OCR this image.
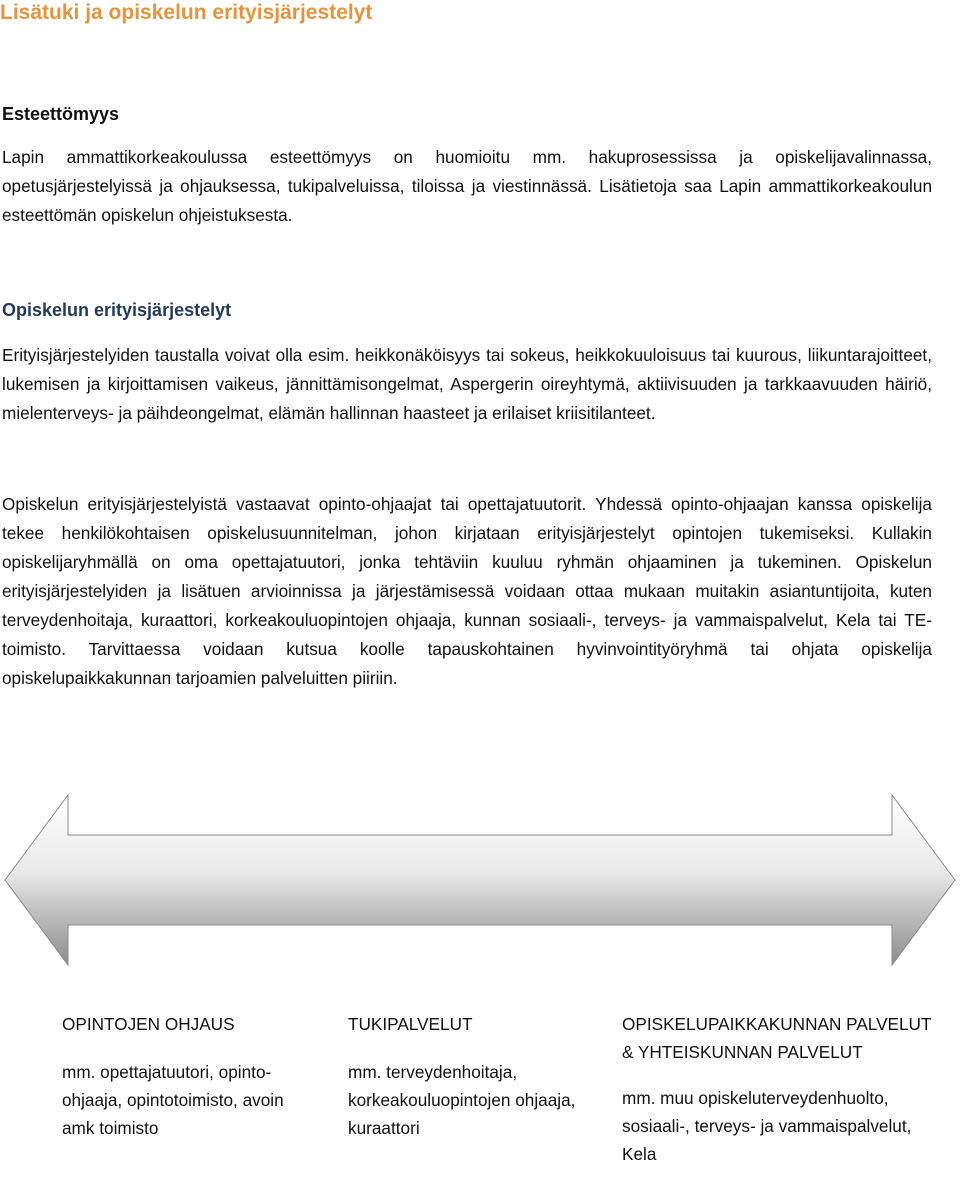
Lisätuki ja opiskelun erityisjärjestelyt
Esteettömyys

Lapin ammattikorkeakoulussa esteettömyys on huomioitu mm. hakuprosessissa ja opiskelijavalinnassa, opetusjärjestelyissä ja ohjauksessa, tukipalveluissa, tiloissa ja viestinnässä. Lisätietoja saa Lapin ammattikorkeakoulun esteettömän opiskelun ohjeistuksesta.

Opiskelun erityisjärjestelyt

Erityisjärjestelyiden taustalla voivat olla esim. heikkonäköisyys tai sokeus, heikkokuuloisuus tai kuurous, liikuntarajoitteet, lukemisen ja kirjoittamisen vaikeus, jännittämisongelmat, Aspergerin oireyhtymä, aktiivisuuden ja tarkkaavuuden häiriö, mielenterveys- ja päihdeongelmat, elämän hallinnan haasteet ja erilaiset kriisitilanteet.

Opiskelun erityisjärjestelyistä vastaavat opinto-ohjaajat tai opettajatuutorit. Yhdessä opinto-ohjaajan kanssa opiskelija tekee henkilökohtaisen opiskelusuunnitelman, johon kirjataan erityisjärjestelyt opintojen tukemiseksi. Kullakin opiskelijaryhmällä on oma opettajatuutori, jonka tehtäviin kuuluu ryhmän ohjaaminen ja tukeminen. Opiskelun erityisjärjestelyiden ja lisätuen arvioinnissa ja järjestämisessä voidaan ottaa mukaan muitakin asiantuntijoita, kuten terveydenhoitaja, kuraattori, korkeakouluopintojen ohjaaja, kunnan sosiaali-, terveys- ja vammaispalvelut, Kela tai TE-toimisto. Tarvittaessa voidaan kutsua koolle tapauskohtainen hyvinvointityöryhmä tai ohjata opiskelija opiskelupaikkakunnan tarjoamien palveluitten piiriin.

OPINTOJEN OHJAUS

mm. opettajatuutori, opinto-ohjaaja, opintotoimisto, avoin amk toimisto

TUKIPALVELUT

mm. terveydenhoitaja, korkeakouluopintojen ohjaaja, kuraattori

OPISKELUPAIKKAKUNNAN PALVELUT & YHTEISKUNNAN PALVELUT

mm. muu opiskeluterveydenhuolto, sosiaali-, terveys- ja vammaispalvelut, Kela
